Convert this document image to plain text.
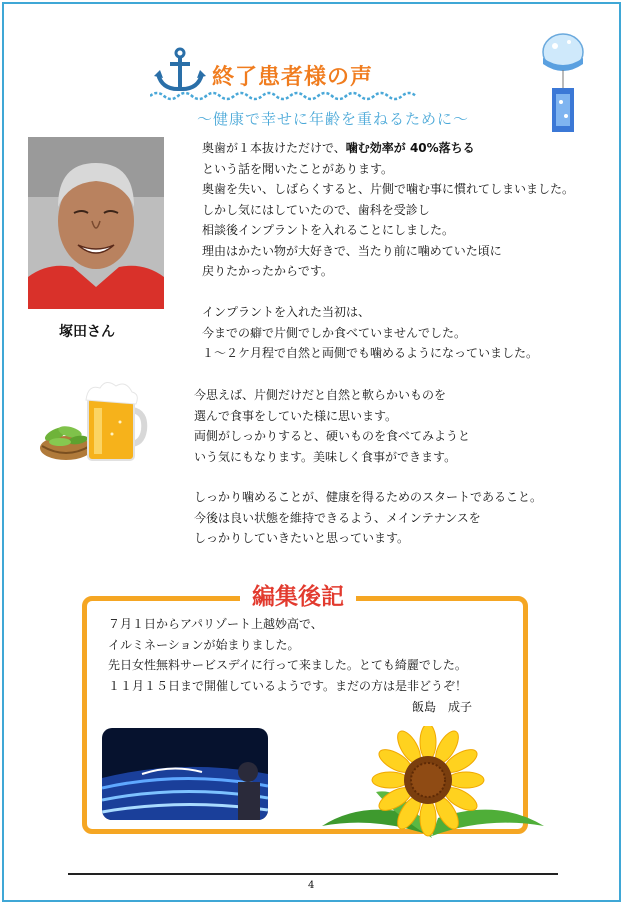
終了患者様の声
～健康で幸せに年齢を重ねるために～
塚田さん
奥歯が１本抜けただけで、噛む効率が 40%落ちる
という話を聞いたことがあります。
奥歯を失い、しばらくすると、片側で噛む事に慣れてしまいました。
しかし気にはしていたので、歯科を受診し
相談後インプラントを入れることにしました。
理由はかたい物が大好きで、当たり前に噛めていた頃に
戻りたかったからです。
インプラントを入れた当初は、
今までの癖で片側でしか食べていませんでした。
１～２ケ月程で自然と両側でも噛めるようになっていました。
今思えば、片側だけだと自然と軟らかいものを
選んで食事をしていた様に思います。
両側がしっかりすると、硬いものを食べてみようと
いう気にもなります。美味しく食事ができます。
しっかり噛めることが、健康を得るためのスタートであること。
今後は良い状態を維持できるよう、メインテナンスを
しっかりしていきたいと思っています。
編集後記
７月１日からアパリゾート上越妙高で、
イルミネーションが始まりました。
先日女性無料サービスデイに行って来ました。とても綺麗でした。
１１月１５日まで開催しているようです。まだの方は是非どうぞ！
飯島　成子
4
